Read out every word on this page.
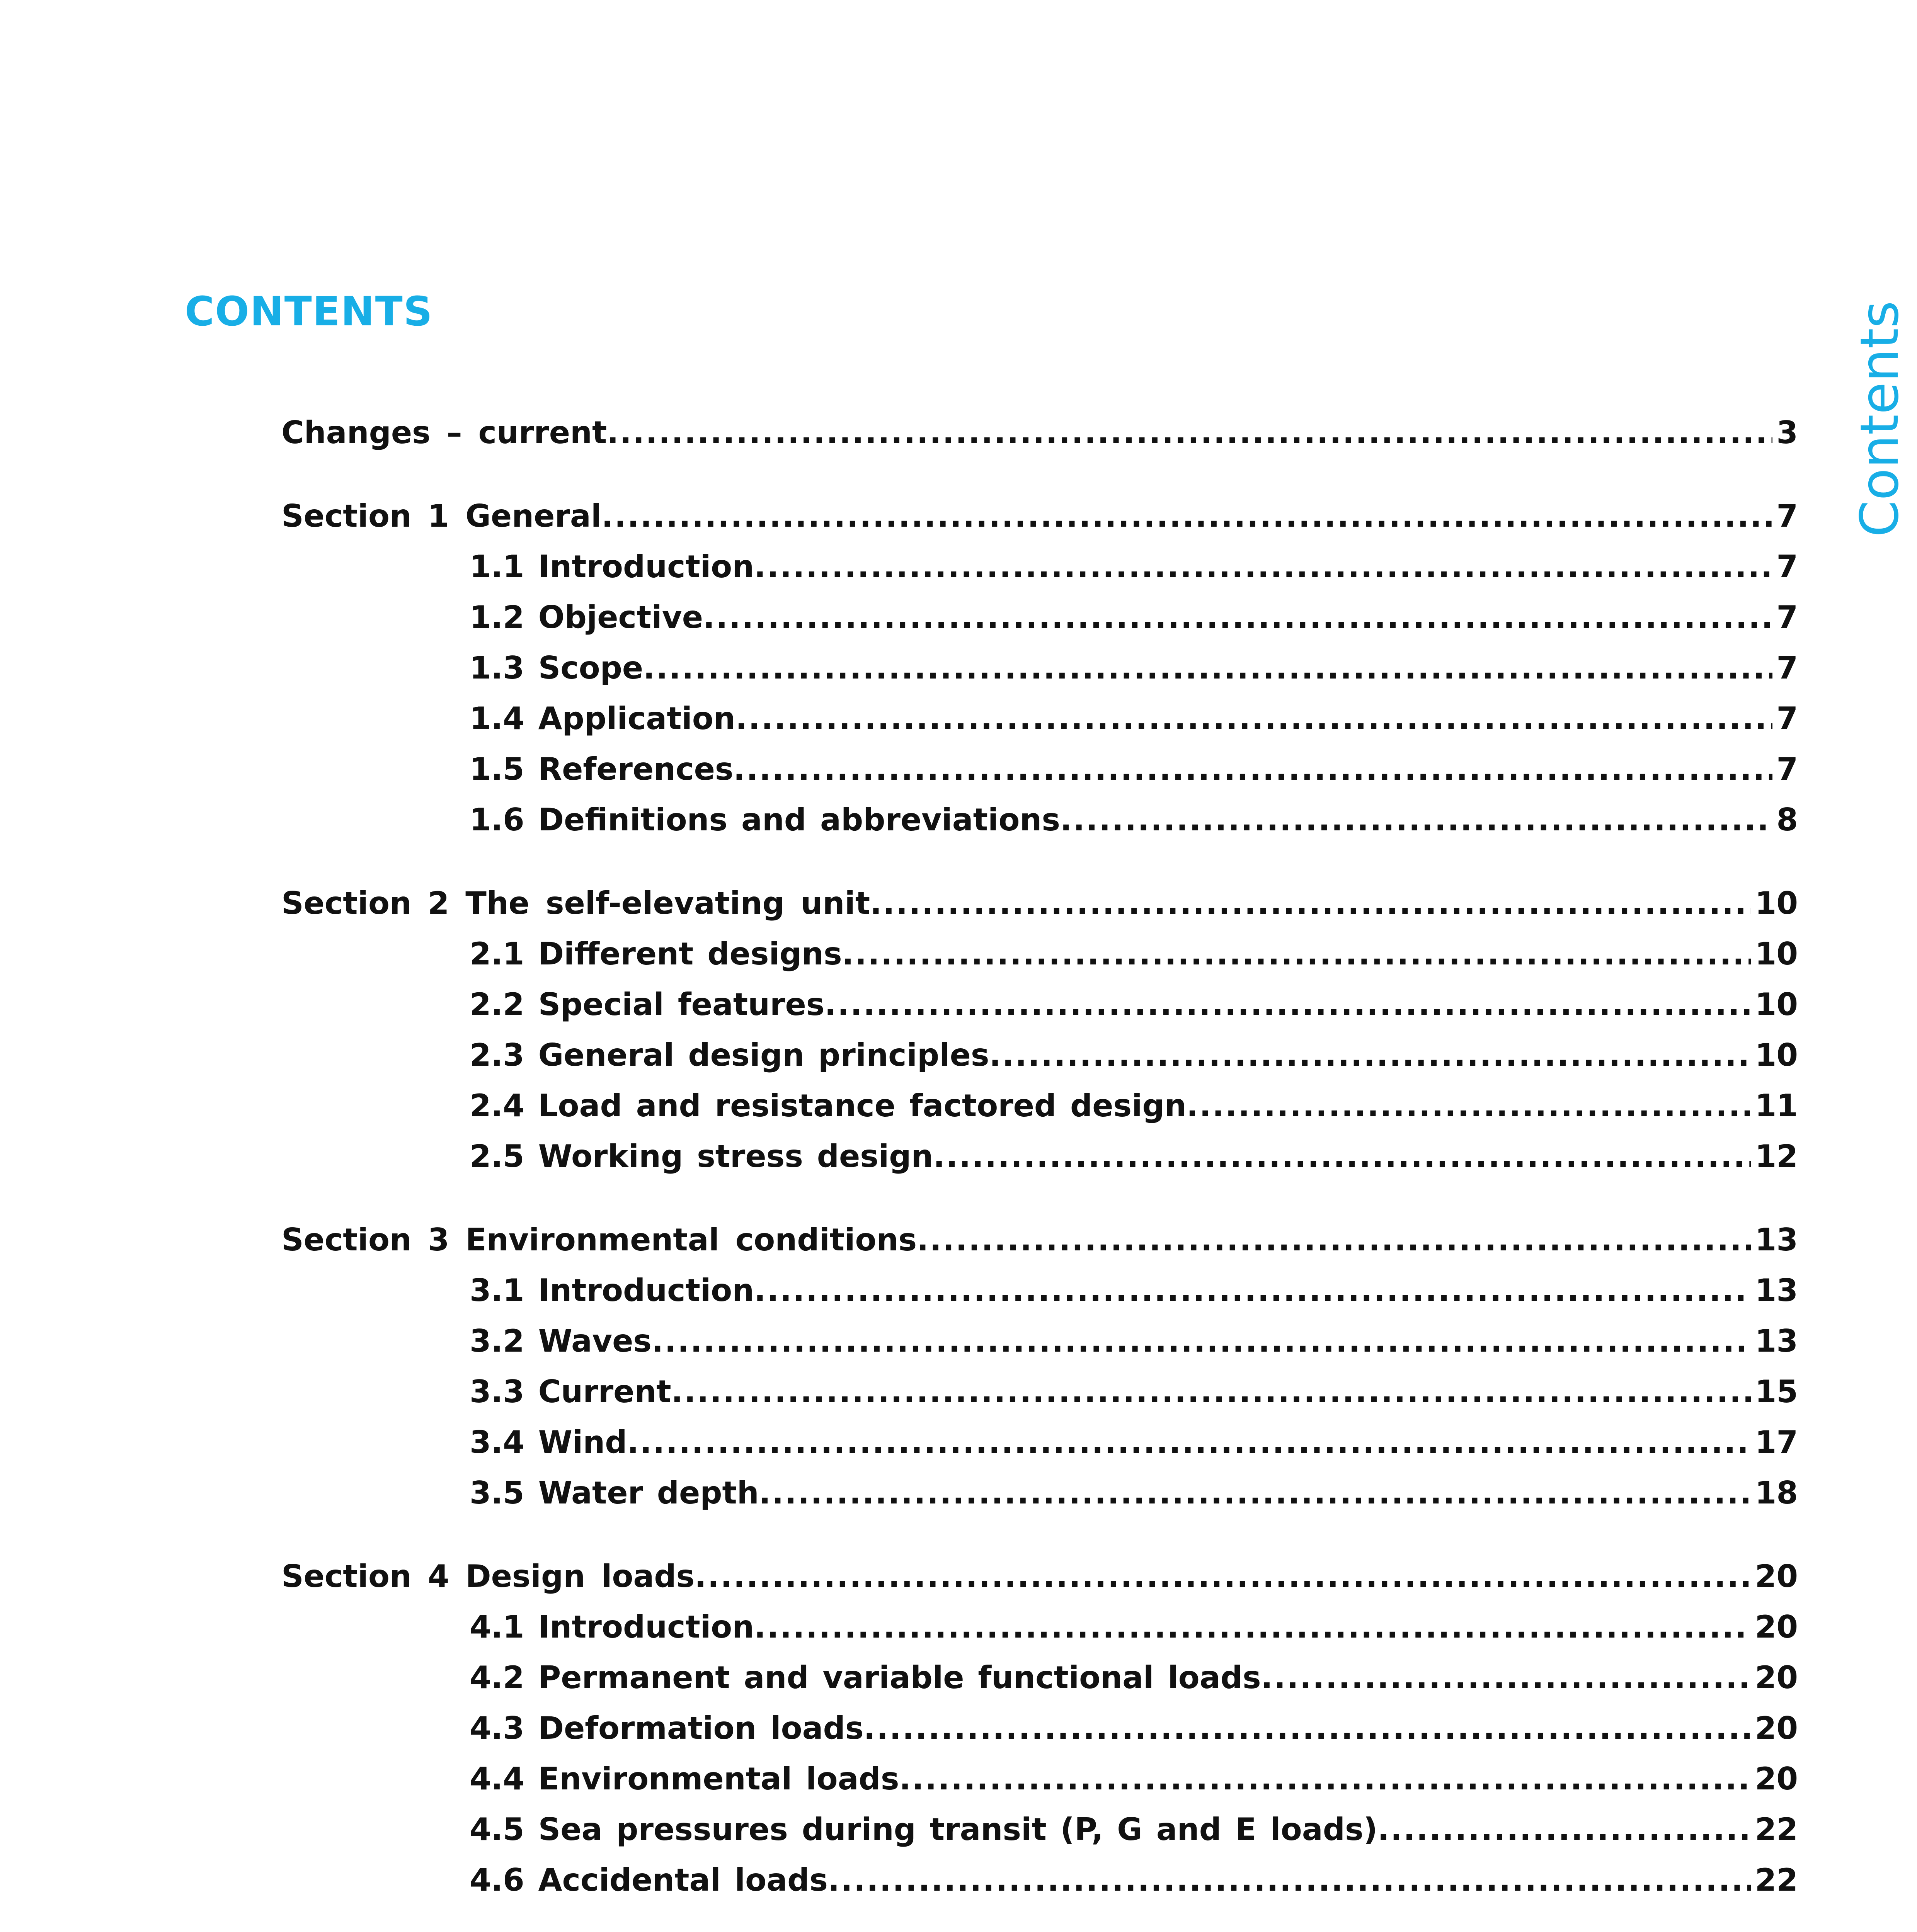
CONTENTS	Contents
Changes – current .....	3
Section 1 General .....	7
1.1 Introduction .....	7
1.2 Objective .....	7
1.3 Scope .....	7
1.4 Application .....	7
1.5 References .....	7
1.6 Definitions and abbreviations .....	8
Section 2 The self-elevating unit .....	10
2.1 Different designs .....	10
2.2 Special features .....	10
2.3 General design principles .....	10
2.4 Load and resistance factored design .....	11
2.5 Working stress design .....	12
Section 3 Environmental conditions .....	13
3.1 Introduction .....	13
3.2 Waves .....	13
3.3 Current .....	15
3.4 Wind .....	17
3.5 Water depth .....	18
Section 4 Design loads .....	20
4.1 Introduction .....	20
4.2 Permanent and variable functional loads .....	20
4.3 Deformation loads .....	20
4.4 Environmental loads .....	20
4.5 Sea pressures during transit (P, G and E loads) .....	22
4.6 Accidental loads .....	22
